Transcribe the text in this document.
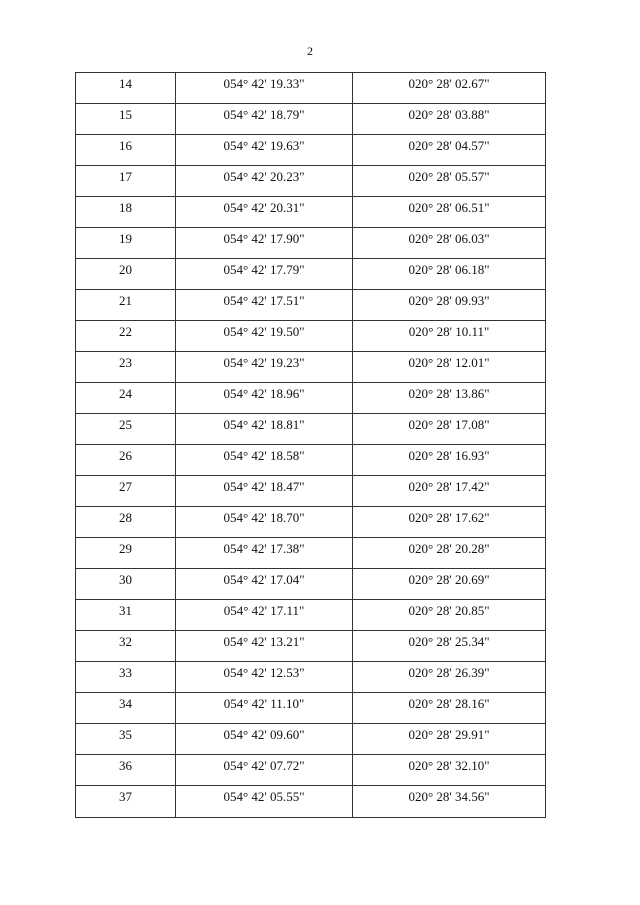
2
14	054° 42' 19.33"	020° 28' 02.67"
15	054° 42' 18.79"	020° 28' 03.88"
16	054° 42' 19.63"	020° 28' 04.57"
17	054° 42' 20.23"	020° 28' 05.57"
18	054° 42' 20.31"	020° 28' 06.51"
19	054° 42' 17.90"	020° 28' 06.03"
20	054° 42' 17.79"	020° 28' 06.18"
21	054° 42' 17.51"	020° 28' 09.93"
22	054° 42' 19.50"	020° 28' 10.11"
23	054° 42' 19.23"	020° 28' 12.01"
24	054° 42' 18.96"	020° 28' 13.86"
25	054° 42' 18.81"	020° 28' 17.08"
26	054° 42' 18.58"	020° 28' 16.93"
27	054° 42' 18.47"	020° 28' 17.42"
28	054° 42' 18.70"	020° 28' 17.62"
29	054° 42' 17.38"	020° 28' 20.28"
30	054° 42' 17.04"	020° 28' 20.69"
31	054° 42' 17.11"	020° 28' 20.85"
32	054° 42' 13.21"	020° 28' 25.34"
33	054° 42' 12.53"	020° 28' 26.39"
34	054° 42' 11.10"	020° 28' 28.16"
35	054° 42' 09.60"	020° 28' 29.91"
36	054° 42' 07.72"	020° 28' 32.10"
37	054° 42' 05.55"	020° 28' 34.56"
